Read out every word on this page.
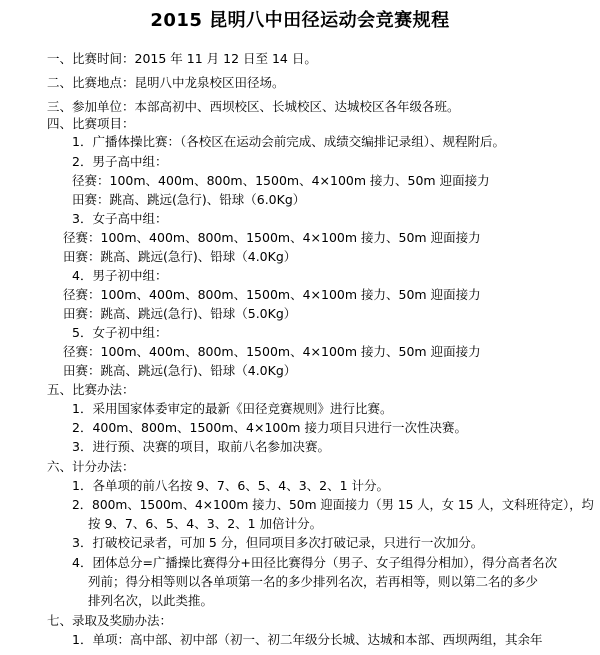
2015 昆明八中田径运动会竞赛规程
一、比赛时间：2015 年 11 月 12 日至 14 日。
二、比赛地点：昆明八中龙泉校区田径场。
三、参加单位：本部高初中、西坝校区、长城校区、达城校区各年级各班。
四、比赛项目：
1．广播体操比赛：（各校区在运动会前完成、成绩交编排记录组）、规程附后。
2．男子高中组：
径赛：100m、400m、800m、1500m、4×100m 接力、50m 迎面接力
田赛：跳高、跳远(急行)、铅球（6.0Kg）
3．女子高中组：
径赛：100m、400m、800m、1500m、4×100m 接力、50m 迎面接力
田赛：跳高、跳远(急行)、铅球（4.0Kg）
4．男子初中组：
径赛：100m、400m、800m、1500m、4×100m 接力、50m 迎面接力
田赛：跳高、跳远(急行)、铅球（5.0Kg）
5．女子初中组：
径赛：100m、400m、800m、1500m、4×100m 接力、50m 迎面接力
田赛：跳高、跳远(急行)、铅球（4.0Kg）
五、比赛办法：
1．采用国家体委审定的最新《田径竞赛规则》进行比赛。
2．400m、800m、1500m、4×100m 接力项目只进行一次性决赛。
3．进行预、决赛的项目，取前八名参加决赛。
六、计分办法：
1．各单项的前八名按 9、7、6、5、4、3、2、1 计分。
2．800m、1500m、4×100m 接力、50m 迎面接力（男 15 人，女 15 人，文科班待定），均
按 9、7、6、5、4、3、2、1 加倍计分。
3．打破校记录者，可加 5 分，但同项目多次打破记录，只进行一次加分。
4．团体总分=广播操比赛得分+田径比赛得分（男子、女子组得分相加），得分高者名次
列前；得分相等则以各单项第一名的多少排列名次，若再相等，则以第二名的多少
排列名次，以此类推。
七、录取及奖励办法：
1．单项：高中部、初中部（初一、初二年级分长城、达城和本部、西坝两组，其余年
